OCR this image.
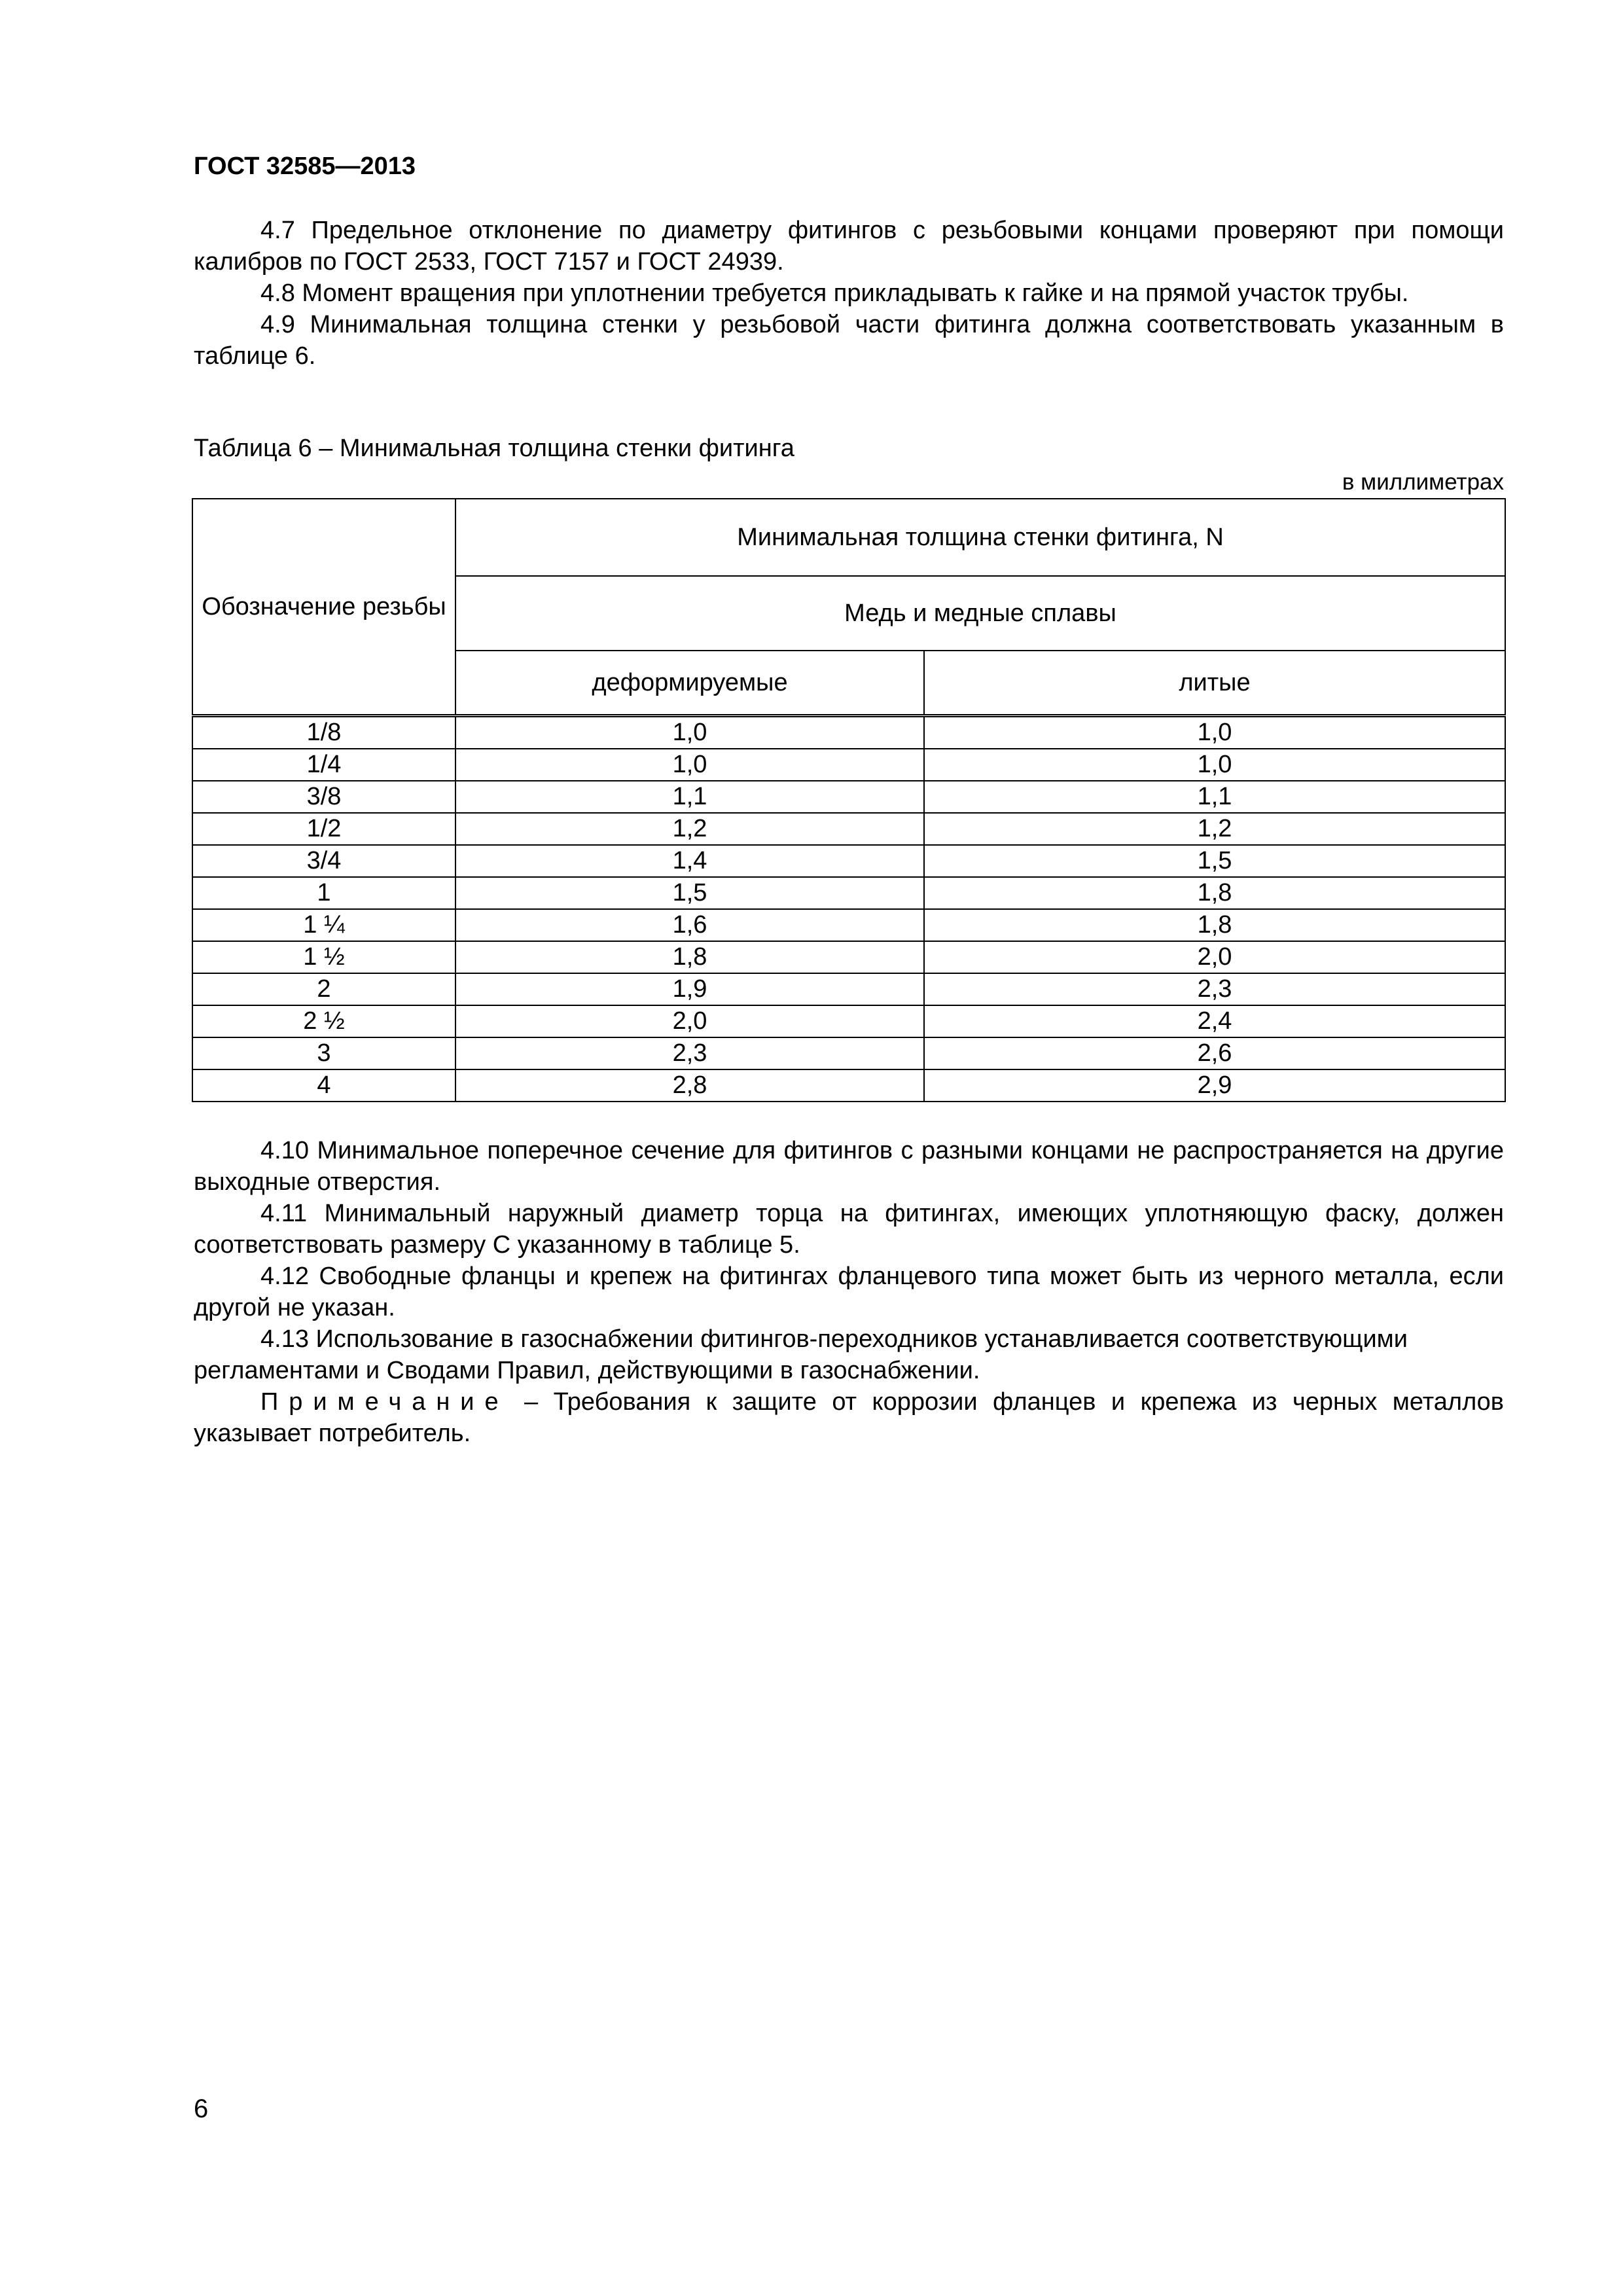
ГОСТ 32585—2013

4.7 Предельное отклонение по диаметру фитингов с резьбовыми концами проверяют при помощи калибров по ГОСТ 2533, ГОСТ 7157 и ГОСТ 24939.

4.8 Момент вращения при уплотнении требуется прикладывать к гайке и на прямой участок трубы.

4.9 Минимальная толщина стенки у резьбовой части фитинга должна соответствовать указанным в таблице 6.

Таблица 6 – Минимальная толщина стенки фитинга
в миллиметрах
Обозначение резьбы	Минимальная толщина стенки фитинга, N	
	Медь и медные сплавы	
	деформируемые	литые
1/8	1,0	1,0
1/4	1,0	1,0
3/8	1,1	1,1
1/2	1,2	1,2
3/4	1,4	1,5
1	1,5	1,8
1 ¼	1,6	1,8
1 ½	1,8	2,0
2	1,9	2,3
2 ½	2,0	2,4
3	2,3	2,6
4	2,8	2,9

4.10 Минимальное поперечное сечение для фитингов с разными концами не распространяется на другие выходные отверстия.

4.11 Минимальный наружный диаметр торца на фитингах, имеющих уплотняющую фаску, должен соответствовать размеру С указанному в таблице 5.

4.12 Свободные фланцы и крепеж на фитингах фланцевого типа может быть из черного металла, если другой не указан.

4.13 Использование в газоснабжении фитингов-переходников устанавливается соответствующими регламентами и Сводами Правил, действующими в газоснабжении.

Примечание – Требования к защите от коррозии фланцев и крепежа из черных металлов указывает потребитель.

6
